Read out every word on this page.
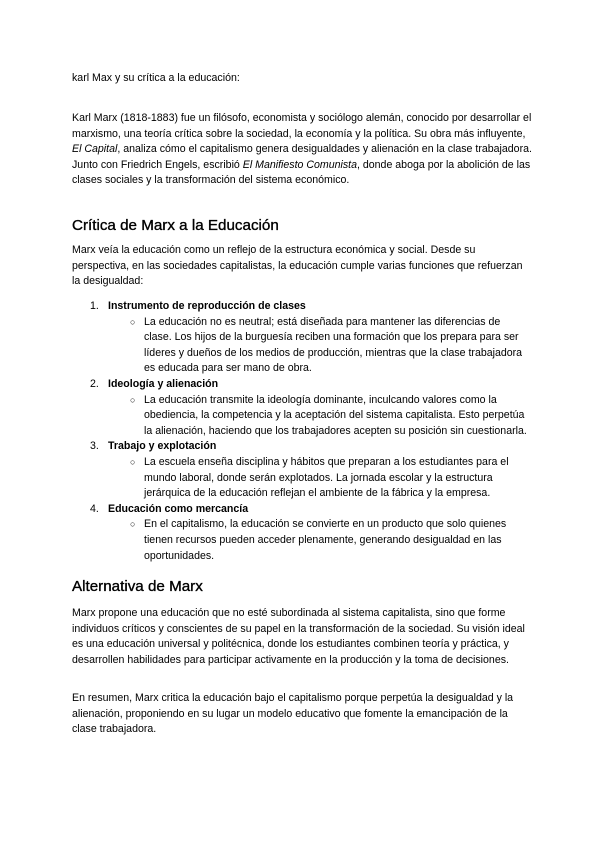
karl Max y su crítica a la educación:

Karl Marx (1818-1883) fue un filósofo, economista y sociólogo alemán, conocido por desarrollar el marxismo, una teoría crítica sobre la sociedad, la economía y la política. Su obra más influyente, El Capital, analiza cómo el capitalismo genera desigualdades y alienación en la clase trabajadora. Junto con Friedrich Engels, escribió El Manifiesto Comunista, donde aboga por la abolición de las clases sociales y la transformación del sistema económico.

Crítica de Marx a la Educación

Marx veía la educación como un reflejo de la estructura económica y social. Desde su perspectiva, en las sociedades capitalistas, la educación cumple varias funciones que refuerzan la desigualdad:

1. Instrumento de reproducción de clases
○ La educación no es neutral; está diseñada para mantener las diferencias de clase. Los hijos de la burguesía reciben una formación que los prepara para ser líderes y dueños de los medios de producción, mientras que la clase trabajadora es educada para ser mano de obra.
2. Ideología y alienación
○ La educación transmite la ideología dominante, inculcando valores como la obediencia, la competencia y la aceptación del sistema capitalista. Esto perpetúa la alienación, haciendo que los trabajadores acepten su posición sin cuestionarla.
3. Trabajo y explotación
○ La escuela enseña disciplina y hábitos que preparan a los estudiantes para el mundo laboral, donde serán explotados. La jornada escolar y la estructura jerárquica de la educación reflejan el ambiente de la fábrica y la empresa.
4. Educación como mercancía
○ En el capitalismo, la educación se convierte en un producto que solo quienes tienen recursos pueden acceder plenamente, generando desigualdad en las oportunidades.
Alternativa de Marx

Marx propone una educación que no esté subordinada al sistema capitalista, sino que forme individuos críticos y conscientes de su papel en la transformación de la sociedad. Su visión ideal es una educación universal y politécnica, donde los estudiantes combinen teoría y práctica, y desarrollen habilidades para participar activamente en la producción y la toma de decisiones.

En resumen, Marx critica la educación bajo el capitalismo porque perpetúa la desigualdad y la alienación, proponiendo en su lugar un modelo educativo que fomente la emancipación de la clase trabajadora.
